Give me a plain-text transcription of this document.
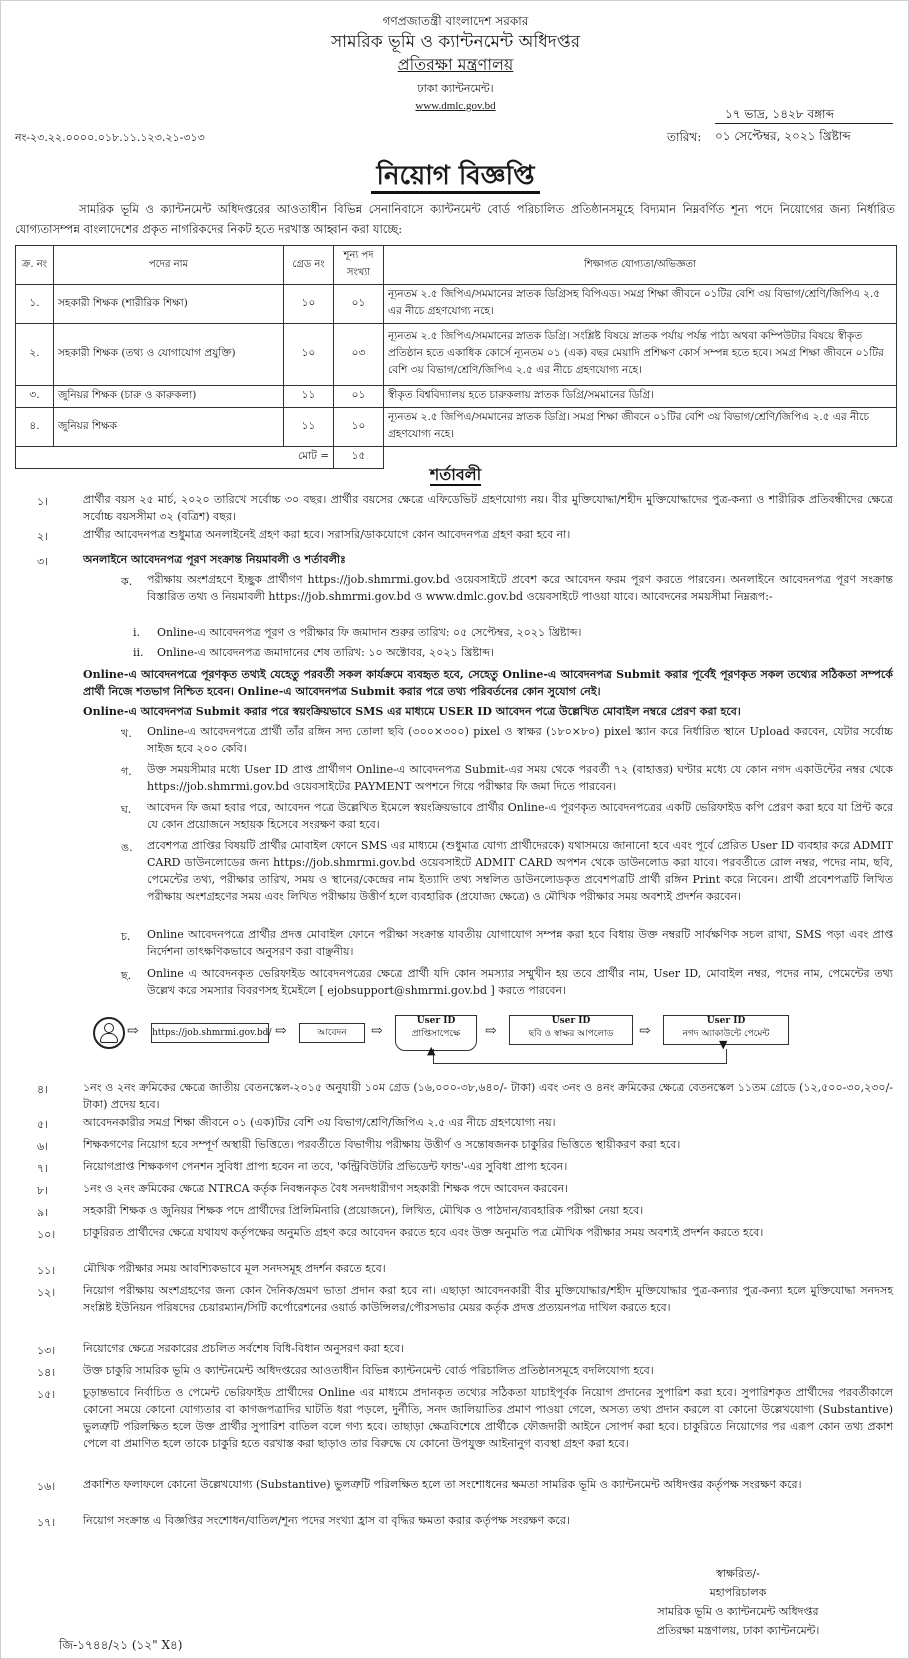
গণপ্রজাতন্ত্রী বাংলাদেশ সরকার
সামরিক ভূমি ও ক্যান্টনমেন্ট অধিদপ্তর
প্রতিরক্ষা মন্ত্রণালয়
ঢাকা ক্যান্টনমেন্ট।
www.dmlc.gov.bd
নং-২৩.২২.০০০০.০১৮.১১.১২৩.২১-৩১৩	তারিখ:
১৭ ভাদ্র, ১৪২৮ বঙ্গাব্দ
০১ সেপ্টেম্বর, ২০২১ খ্রিষ্টাব্দ
নিয়োগ বিজ্ঞপ্তি
সামরিক ভূমি ও ক্যান্টনমেন্ট অধিদপ্তরের আওতাধীন বিভিন্ন সেনানিবাসে ক্যান্টনমেন্ট বোর্ড পরিচালিত প্রতিষ্ঠানসমূহে বিদ্যমান নিম্নবর্ণিত শূন্য পদে নিয়োগের জন্য নির্ধারিত যোগ্যতাসম্পন্ন বাংলাদেশের প্রকৃত নাগরিকদের নিকট হতে দরখাস্ত আহ্বান করা যাচ্ছে:
ক্র. নং	পদের নাম	গ্রেড নং	শূন্য পদ সংখ্যা	শিক্ষাগত যোগ্যতা/অভিজ্ঞতা
১.	সহকারী শিক্ষক (শারীরিক শিক্ষা)	১০	০১	ন্যূনতম ২.৫ জিপিএ/সমমানের স্নাতক ডিগ্রিসহ বিপিএড। সমগ্র শিক্ষা জীবনে ০১টির বেশি ৩য় বিভাগ/শ্রেণি/জিপিএ ২.৫ এর নীচে গ্রহণযোগ্য নহে।
২.	সহকারী শিক্ষক (তথ্য ও যোগাযোগ প্রযুক্তি)	১০	০৩	ন্যূনতম ২.৫ জিপিএ/সমমানের স্নাতক ডিগ্রি। সংশ্লিষ্ট বিষয়ে স্নাতক পর্যায় পর্যন্ত পাঠ্য অথবা কম্পিউটার বিষয়ে স্বীকৃত প্রতিষ্ঠান হতে একাধিক কোর্সে ন্যূনতম ০১ (এক) বছর মেয়াদি প্রশিক্ষণ কোর্স সম্পন্ন হতে হবে। সমগ্র শিক্ষা জীবনে ০১টির বেশি ৩য় বিভাগ/শ্রেণি/জিপিএ ২.৫ এর নীচে গ্রহণযোগ্য নহে।
৩.	জুনিয়র শিক্ষক (চারু ও কারুকলা)	১১	০১	স্বীকৃত বিশ্ববিদ্যালয় হতে চারুকলায় স্নাতক ডিগ্রি/সমমানের ডিগ্রি।
৪.	জুনিয়র শিক্ষক	১১	১০	ন্যূনতম ২.৫ জিপিএ/সমমানের স্নাতক ডিগ্রি। সমগ্র শিক্ষা জীবনে ০১টির বেশি ৩য় বিভাগ/শ্রেণি/জিপিএ ২.৫ এর নীচে গ্রহণযোগ্য নহে।
মোট =			১৫	
শর্তাবলী
১।	প্রার্থীর বয়স ২৫ মার্চ, ২০২০ তারিখে সর্বোচ্চ ৩০ বছর। প্রার্থীর বয়সের ক্ষেত্রে এফিডেভিট গ্রহণযোগ্য নয়। বীর মুক্তিযোদ্ধা/শহীদ মুক্তিযোদ্ধাদের পুত্র-কন্যা ও শারীরিক প্রতিবন্ধীদের ক্ষেত্রে সর্বোচ্চ বয়সসীমা ৩২ (বত্রিশ) বছর।
২।	প্রার্থীর আবেদনপত্র শুধুমাত্র অনলাইনেই গ্রহণ করা হবে। সরাসরি/ডাকযোগে কোন আবেদনপত্র গ্রহণ করা হবে না।
৩।	অনলাইনে আবেদনপত্র পূরণ সংক্রান্ত নিয়মাবলী ও শর্তাবলীঃ
ক. পরীক্ষায় অংশগ্রহণে ইচ্ছুক প্রার্থীগণ https://job.shmrmi.gov.bd ওয়েবসাইটে প্রবেশ করে আবেদন ফরম পূরণ করতে পারবেন। অনলাইনে আবেদনপত্র পূরণ সংক্রান্ত বিস্তারিত তথ্য ও নিয়মাবলী https://job.shmrmi.gov.bd ও www.dmlc.gov.bd ওয়েবসাইটে পাওয়া যাবে। আবেদনের সময়সীমা নিম্নরূপ:-
i. Online-এ আবেদনপত্র পূরণ ও পরীক্ষার ফি জমাদান শুরুর তারিখ: ০৫ সেপ্টেম্বর, ২০২১ খ্রিষ্টাব্দ।
ii. Online-এ আবেদনপত্র জমাদানের শেষ তারিখ: ১০ অক্টোবর, ২০২১ খ্রিষ্টাব্দ।
Online-এ আবেদনপত্রে পূরণকৃত তথ্যই যেহেতু পরবর্তী সকল কার্যক্রমে ব্যবহৃত হবে, সেহেতু Online-এ আবেদনপত্র Submit করার পূর্বেই পূরণকৃত সকল তথ্যের সঠিকতা সম্পর্কে প্রার্থী নিজে শতভাগ নিশ্চিত হবেন। Online-এ আবেদনপত্র Submit করার পরে তথ্য পরিবর্তনের কোন সুযোগ নেই।
Online-এ আবেদনপত্র Submit করার পরে স্বয়ংক্রিয়ভাবে SMS এর মাধ্যমে USER ID আবেদন পত্রে উল্লেখিত মোবাইল নম্বরে প্রেরণ করা হবে।
খ. Online-এ আবেদনপত্রে প্রার্থী তাঁর রঙ্গিন সদ্য তোলা ছবি (৩০০×৩০০) pixel ও স্বাক্ষর (১৮০×৮০) pixel স্ক্যান করে নির্ধারিত স্থানে Upload করবেন, যেটার সর্বোচ্চ সাইজ হবে ২০০ কেবি।
গ. উক্ত সময়সীমার মধ্যে User ID প্রাপ্ত প্রার্থীগণ Online-এ আবেদনপত্র Submit-এর সময় থেকে পরবর্তী ৭২ (বাহাত্তর) ঘণ্টার মধ্যে যে কোন নগদ একাউন্টের নম্বর থেকে https://job.shmrmi.gov.bd ওয়েবসাইটের PAYMENT অপশনে গিয়ে পরীক্ষার ফি জমা দিতে পারবেন।
ঘ. আবেদন ফি জমা হবার পরে, আবেদন পত্রে উল্লেখিত ইমেলে স্বয়ংক্রিয়ভাবে প্রার্থীর Online-এ পূরণকৃত আবেদনপত্রের একটি ভেরিফাইড কপি প্রেরণ করা হবে যা প্রিন্ট করে যে কোন প্রয়োজনে সহায়ক হিসেবে সংরক্ষণ করা হবে।
ঙ. প্রবেশপত্র প্রাপ্তির বিষয়টি প্রার্থীর মোবাইল ফোনে SMS এর মাধ্যমে (শুধুমাত্র যোগ্য প্রার্থীদেরকে) যথাসময়ে জানানো হবে এবং পূর্বে প্রেরিত User ID ব্যবহার করে ADMIT CARD ডাউনলোডের জন্য https://job.shmrmi.gov.bd ওয়েবসাইটে ADMIT CARD অপশন থেকে ডাউনলোড করা যাবে। পরবর্তীতে রোল নম্বর, পদের নাম, ছবি, পেমেন্টের তথ্য, পরীক্ষার তারিখ, সময় ও স্থানের/কেন্দ্রের নাম ইত্যাদি তথ্য সম্বলিত ডাউনলোডকৃত প্রবেশপত্রটি প্রার্থী রঙ্গিন Print করে নিবেন। প্রার্থী প্রবেশপত্রটি লিখিত পরীক্ষায় অংশগ্রহণের সময় এবং লিখিত পরীক্ষায় উত্তীর্ণ হলে ব্যবহারিক (প্রযোজ্য ক্ষেত্রে) ও মৌখিক পরীক্ষার সময় অবশ্যই প্রদর্শন করবেন।
চ. Online আবেদনপত্রে প্রার্থীর প্রদত্ত মোবাইল ফোনে পরীক্ষা সংক্রান্ত যাবতীয় যোগাযোগ সম্পন্ন করা হবে বিধায় উক্ত নম্বরটি সার্বক্ষণিক সচল রাখা, SMS পড়া এবং প্রাপ্ত নির্দেশনা তাৎক্ষণিকভাবে অনুসরণ করা বাঞ্ছনীয়।
ছ. Online এ আবেদনকৃত ভেরিফাইড আবেদনপত্রের ক্ষেত্রে প্রার্থী যদি কোন সমস্যার সম্মুখীন হয় তবে প্রার্থীর নাম, User ID, মোবাইল নম্বর, পদের নাম, পেমেন্টের তথ্য উল্লেখ করে সমস্যার বিবরণসহ ইমেইলে [ ejobsupport@shmrmi.gov.bd ] করতে পারবেন।
⇨ https://job.shmrmi.gov.bd/ ⇨	আবেদন	⇨
User ID
প্রাপ্তিসাপেক্ষে	⇨
User ID
ছবি ও স্বাক্ষর আপলোড	⇨
User ID
নগদ অ্যাকাউন্টে পেমেন্ট
▲	▼
৪।	১নং ও ২নং ক্রমিকের ক্ষেত্রে জাতীয় বেতনস্কেল-২০১৫ অনুযায়ী ১০ম গ্রেড (১৬,০০০-৩৮,৬৪০/- টাকা) এবং ৩নং ও ৪নং ক্রমিকের ক্ষেত্রে বেতনস্কেল ১১তম গ্রেডে (১২,৫০০-৩০,২৩০/- টাকা) প্রদেয় হবে।
৫।	আবেদনকারীর সমগ্র শিক্ষা জীবনে ০১ (এক)টির বেশি ৩য় বিভাগ/শ্রেণি/জিপিএ ২.৫ এর নীচে গ্রহণযোগ্য নয়।
৬।	শিক্ষকগণের নিয়োগ হবে সম্পূর্ণ অস্থায়ী ভিত্তিতে। পরবর্তীতে বিভাগীয় পরীক্ষায় উত্তীর্ণ ও সন্তোষজনক চাকুরির ভিত্তিতে স্থায়ীকরণ করা হবে।
৭।	নিয়োগপ্রাপ্ত শিক্ষকগণ পেনশন সুবিধা প্রাপ্য হবেন না তবে, 'কন্ট্রিবিউটরি প্রভিডেন্ট ফান্ড'-এর সুবিধা প্রাপ্য হবেন।
৮।	১নং ও ২নং ক্রমিকের ক্ষেত্রে NTRCA কর্তৃক নিবন্ধনকৃত বৈধ সনদধারীগণ সহকারী শিক্ষক পদে আবেদন করবেন।
৯।	সহকারী শিক্ষক ও জুনিয়র শিক্ষক পদে প্রার্থীদের প্রিলিমিনারি (প্রয়োজনে), লিখিত, মৌখিক ও পাঠদান/ব্যবহারিক পরীক্ষা নেয়া হবে।
১০।	চাকুরিরত প্রার্থীদের ক্ষেত্রে যথাযথ কর্তৃপক্ষের অনুমতি গ্রহণ করে আবেদন করতে হবে এবং উক্ত অনুমতি পত্র মৌখিক পরীক্ষার সময় অবশ্যই প্রদর্শন করতে হবে।
১১।	মৌখিক পরীক্ষার সময় আবশ্যিকভাবে মূল সনদসমূহ প্রদর্শন করতে হবে।
১২।	নিয়োগ পরীক্ষায় অংশগ্রহণের জন্য কোন দৈনিক/ভ্রমণ ভাতা প্রদান করা হবে না। এছাড়া আবেদনকারী বীর মুক্তিযোদ্ধার/শহীদ মুক্তিযোদ্ধার পুত্র-কন্যার পুত্র-কন্যা হলে মুক্তিযোদ্ধা সনদসহ সংশ্লিষ্ট ইউনিয়ন পরিষদের চেয়ারম্যান/সিটি কর্পোরেশনের ওয়ার্ড কাউন্সিলর/পৌরসভার মেয়র কর্তৃক প্রদত্ত প্রত্যয়নপত্র দাখিল করতে হবে।
১৩।	নিয়োগের ক্ষেত্রে সরকারের প্রচলিত সর্বশেষ বিধি-বিধান অনুসরণ করা হবে।
১৪।	উক্ত চাকুরি সামরিক ভূমি ও ক্যান্টনমেন্ট অধিদপ্তরের আওতাধীন বিভিন্ন ক্যান্টনমেন্ট বোর্ড পরিচালিত প্রতিষ্ঠানসমূহে বদলিযোগ্য হবে।
১৫।	চূড়ান্তভাবে নির্বাচিত ও পেমেন্ট ভেরিফাইড প্রার্থীদের Online এর মাধ্যমে প্রদানকৃত তথ্যের সঠিকতা যাচাইপূর্বক নিয়োগ প্রদানের সুপারিশ করা হবে। সুপারিশকৃত প্রার্থীদের পরবর্তীকালে কোনো সময়ে কোনো যোগ্যতার বা কাগজপত্রাদির ঘাটতি ধরা পড়লে, দুর্নীতি, সনদ জালিয়াতির প্রমাণ পাওয়া গেলে, অসত্য তথ্য প্রদান করলে বা কোনো উল্লেখযোগ্য (Substantive) ভুলত্রুটি পরিলক্ষিত হলে উক্ত প্রার্থীর সুপারিশ বাতিল বলে গণ্য হবে। তাছাড়া ক্ষেত্রবিশেষে প্রার্থীকে ফৌজদারী আইনে সোপর্দ করা হবে। চাকুরিতে নিয়োগের পর এরূপ কোন তথ্য প্রকাশ পেলে বা প্রমাণিত হলে তাকে চাকুরি হতে বরখাস্ত করা ছাড়াও তার বিরুদ্ধে যে কোনো উপযুক্ত আইনানুগ ব্যবস্থা গ্রহণ করা হবে।
১৬।	প্রকাশিত ফলাফলে কোনো উল্লেখযোগ্য (Substantive) ভুলত্রুটি পরিলক্ষিত হলে তা সংশোধনের ক্ষমতা সামরিক ভূমি ও ক্যান্টনমেন্ট অধিদপ্তর কর্তৃপক্ষ সংরক্ষণ করে।
১৭।	নিয়োগ সংক্রান্ত এ বিজ্ঞপ্তির সংশোধন/বাতিল/শূন্য পদের সংখ্যা হ্রাস বা বৃদ্ধির ক্ষমতা করার কর্তৃপক্ষ সংরক্ষণ করে।
স্বাক্ষরিত/-
মহাপরিচালক
সামরিক ভূমি ও ক্যান্টনমেন্ট অধিদপ্তর
প্রতিরক্ষা মন্ত্রণালয়, ঢাকা ক্যান্টনমেন্ট।
জি-১৭৪৪/২১ (১২" X৪)
